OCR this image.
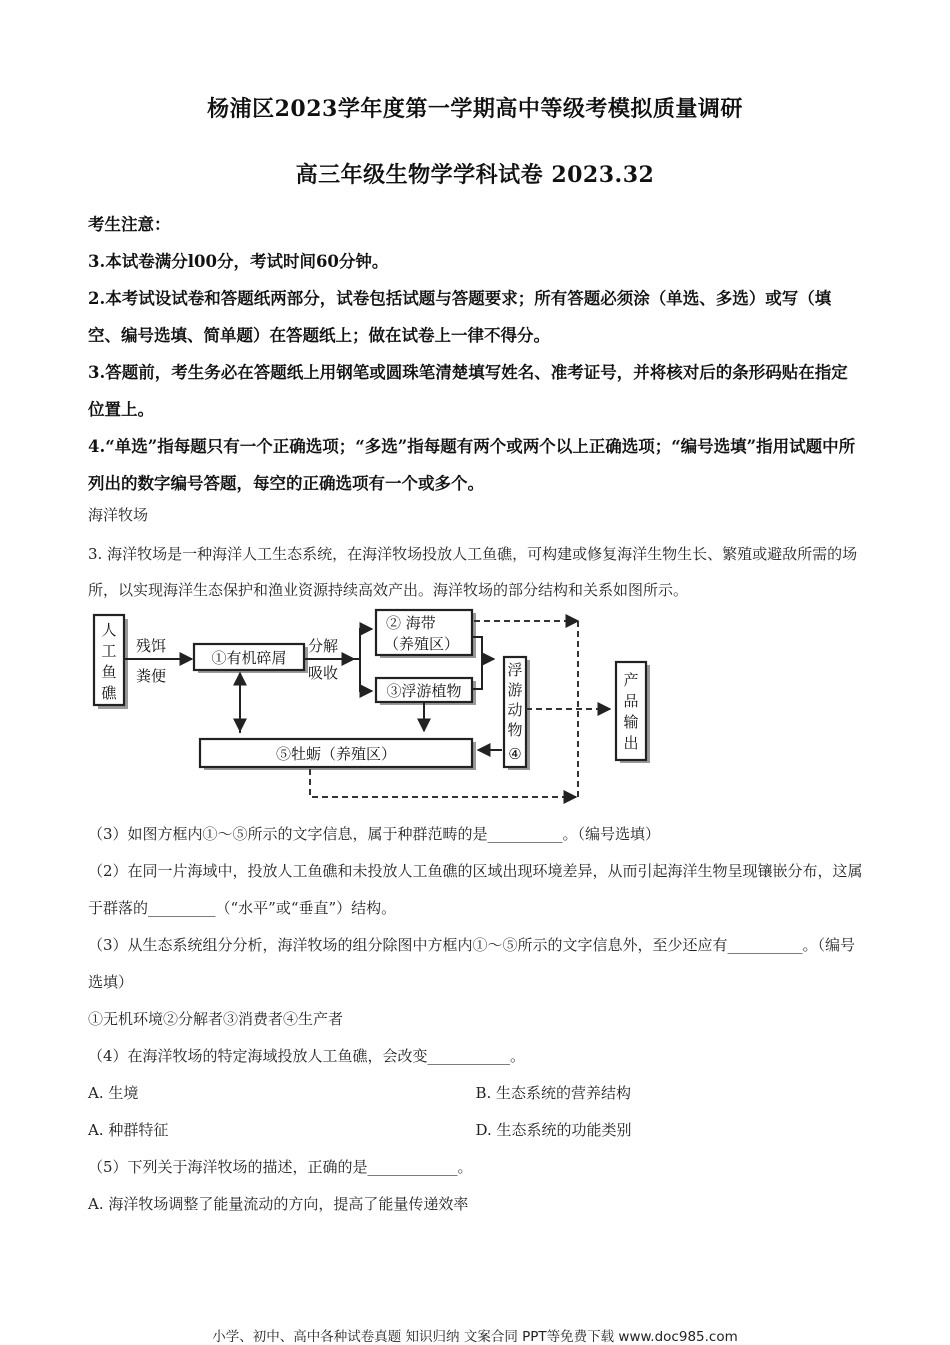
杨浦区2023学年度第一学期高中等级考模拟质量调研
高三年级生物学学科试卷 2023.32

考生注意：

3.本试卷满分l00分，考试时间60分钟。

2.本考试设试卷和答题纸两部分，试卷包括试题与答题要求；所有答题必须涂（单选、多选）或写（填空、编号选填、简单题）在答题纸上；做在试卷上一律不得分。

3.答题前，考生务必在答题纸上用钢笔或圆珠笔清楚填写姓名、准考证号，并将核对后的条形码贴在指定位置上。

4.“单选”指每题只有一个正确选项；“多选”指每题有两个或两个以上正确选项；“编号选填”指用试题中所列出的数字编号答题，每空的正确选项有一个或多个。

海洋牧场
3. 海洋牧场是一种海洋人工生态系统，在海洋牧场投放人工鱼礁，可构建或修复海洋生物生长、繁殖或避敌所需的场所，以实现海洋生态保护和渔业资源持续高效产出。海洋牧场的部分结构和关系如图所示。
人
工
鱼
礁
残饵
粪便
①有机碎屑
分解
吸收
② 海带
（养殖区）
③浮游植物
浮
游
动
物
④
⑤牡蛎（养殖区）
产
品
输
出

（3）如图方框内①～⑤所示的文字信息，属于种群范畴的是__________。（编号选填）

（2）在同一片海域中，投放人工鱼礁和未投放人工鱼礁的区域出现环境差异，从而引起海洋生物呈现镶嵌分布，这属于群落的_________（“水平”或“垂直”）结构。

（3）从生态系统组分分析，海洋牧场的组分除图中方框内①～⑤所示的文字信息外，至少还应有__________。（编号选填）

①无机环境②分解者③消费者④生产者

（4）在海洋牧场的特定海域投放人工鱼礁，会改变___________。

A. 生境	B. 生态系统的营养结构
A. 种群特征	D. 生态系统的功能类别

（5）下列关于海洋牧场的描述，正确的是____________。

A. 海洋牧场调整了能量流动的方向，提高了能量传递效率

小学、初中、高中各种试卷真题 知识归纳 文案合同 PPT等免费下载 www.doc985.com
